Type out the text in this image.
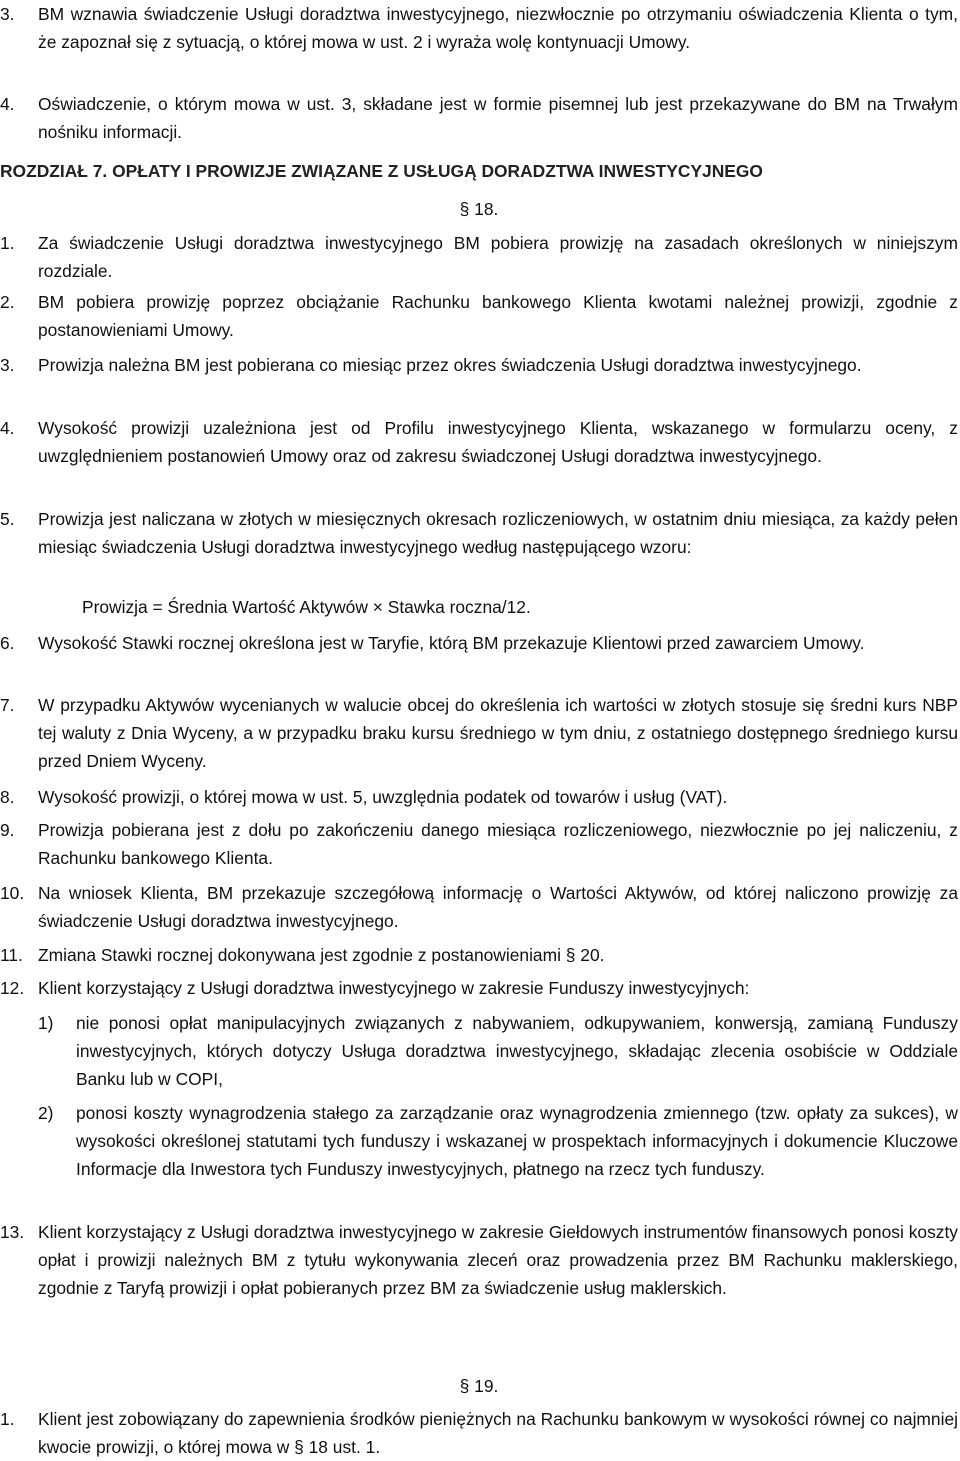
3. BM wznawia świadczenie Usługi doradztwa inwestycyjnego, niezwłocznie po otrzymaniu oświadczenia Klienta o tym, że zapoznał się z sytuacją, o której mowa w ust. 2 i wyraża wolę kontynuacji Umowy.
4. Oświadczenie, o którym mowa w ust. 3, składane jest w formie pisemnej lub jest przekazywane do BM na Trwałym nośniku informacji.
ROZDZIAŁ 7. OPŁATY I PROWIZJE ZWIĄZANE Z USŁUGĄ DORADZTWA INWESTYCYJNEGO
§ 18.
1. Za świadczenie Usługi doradztwa inwestycyjnego BM pobiera prowizję na zasadach określonych w niniejszym rozdziale.
2. BM pobiera prowizję poprzez obciążanie Rachunku bankowego Klienta kwotami należnej prowizji, zgodnie z postanowieniami Umowy.
3. Prowizja należna BM jest pobierana co miesiąc przez okres świadczenia Usługi doradztwa inwestycyjnego.
4. Wysokość prowizji uzależniona jest od Profilu inwestycyjnego Klienta, wskazanego w formularzu oceny, z uwzględnieniem postanowień Umowy oraz od zakresu świadczonej Usługi doradztwa inwestycyjnego.
5. Prowizja jest naliczana w złotych w miesięcznych okresach rozliczeniowych, w ostatnim dniu miesiąca, za każdy pełen miesiąc świadczenia Usługi doradztwa inwestycyjnego według następującego wzoru:
Prowizja = Średnia Wartość Aktywów × Stawka roczna/12.
6. Wysokość Stawki rocznej określona jest w Taryfie, którą BM przekazuje Klientowi przed zawarciem Umowy.
7. W przypadku Aktywów wycenianych w walucie obcej do określenia ich wartości w złotych stosuje się średni kurs NBP tej waluty z Dnia Wyceny, a w przypadku braku kursu średniego w tym dniu, z ostatniego dostępnego średniego kursu przed Dniem Wyceny.
8. Wysokość prowizji, o której mowa w ust. 5, uwzględnia podatek od towarów i usług (VAT).
9. Prowizja pobierana jest z dołu po zakończeniu danego miesiąca rozliczeniowego, niezwłocznie po jej naliczeniu, z Rachunku bankowego Klienta.
10. Na wniosek Klienta, BM przekazuje szczegółową informację o Wartości Aktywów, od której naliczono prowizję za świadczenie Usługi doradztwa inwestycyjnego.
11. Zmiana Stawki rocznej dokonywana jest zgodnie z postanowieniami § 20.
12. Klient korzystający z Usługi doradztwa inwestycyjnego w zakresie Funduszy inwestycyjnych:
1) nie ponosi opłat manipulacyjnych związanych z nabywaniem, odkupywaniem, konwersją, zamianą Funduszy inwestycyjnych, których dotyczy Usługa doradztwa inwestycyjnego, składając zlecenia osobiście w Oddziale Banku lub w COPI,
2) ponosi koszty wynagrodzenia stałego za zarządzanie oraz wynagrodzenia zmiennego (tzw. opłaty za sukces), w wysokości określonej statutami tych funduszy i wskazanej w prospektach informacyjnych i dokumencie Kluczowe Informacje dla Inwestora tych Funduszy inwestycyjnych, płatnego na rzecz tych funduszy.
13. Klient korzystający z Usługi doradztwa inwestycyjnego w zakresie Giełdowych instrumentów finansowych ponosi koszty opłat i prowizji należnych BM z tytułu wykonywania zleceń oraz prowadzenia przez BM Rachunku maklerskiego, zgodnie z Taryfą prowizji i opłat pobieranych przez BM za świadczenie usług maklerskich.
§ 19.
1. Klient jest zobowiązany do zapewnienia środków pieniężnych na Rachunku bankowym w wysokości równej co najmniej kwocie prowizji, o której mowa w § 18 ust. 1.
